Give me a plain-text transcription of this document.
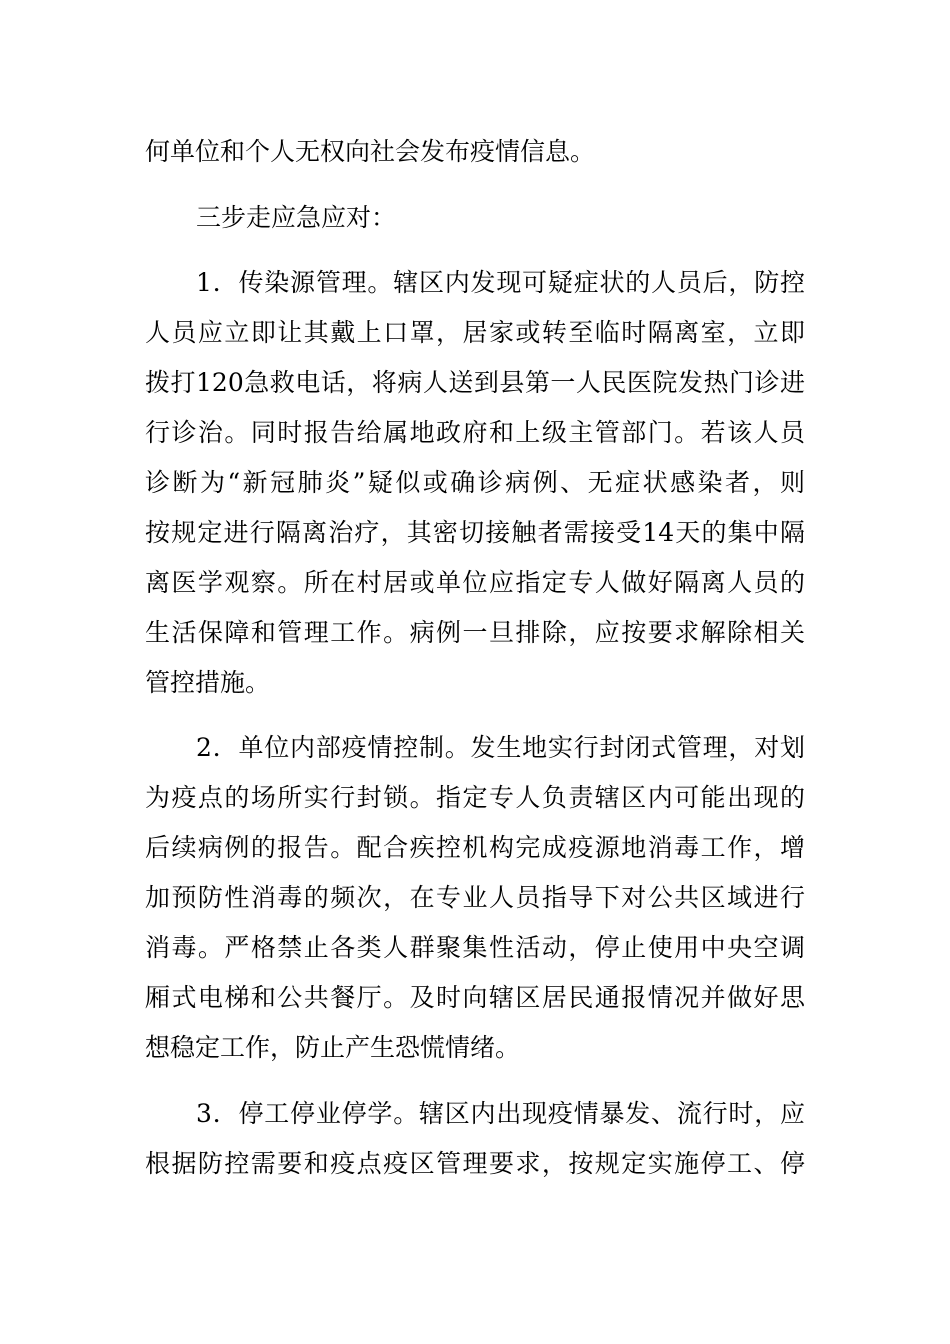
何单位和个人无权向社会发布疫情信息。
三步走应急应对：
1．传染源管理。辖区内发现可疑症状的人员后，防控
人员应立即让其戴上口罩，居家或转至临时隔离室，立即
拨打120急救电话，将病人送到县第一人民医院发热门诊进
行诊治。同时报告给属地政府和上级主管部门。若该人员
诊断为“新冠肺炎”疑似或确诊病例、无症状感染者，则
按规定进行隔离治疗，其密切接触者需接受14天的集中隔
离医学观察。所在村居或单位应指定专人做好隔离人员的
生活保障和管理工作。病例一旦排除，应按要求解除相关
管控措施。
2．单位内部疫情控制。发生地实行封闭式管理，对划
为疫点的场所实行封锁。指定专人负责辖区内可能出现的
后续病例的报告。配合疾控机构完成疫源地消毒工作，增
加预防性消毒的频次，在专业人员指导下对公共区域进行
消毒。严格禁止各类人群聚集性活动，停止使用中央空调
厢式电梯和公共餐厅。及时向辖区居民通报情况并做好思
想稳定工作，防止产生恐慌情绪。
3．停工停业停学。辖区内出现疫情暴发、流行时，应
根据防控需要和疫点疫区管理要求，按规定实施停工、停
